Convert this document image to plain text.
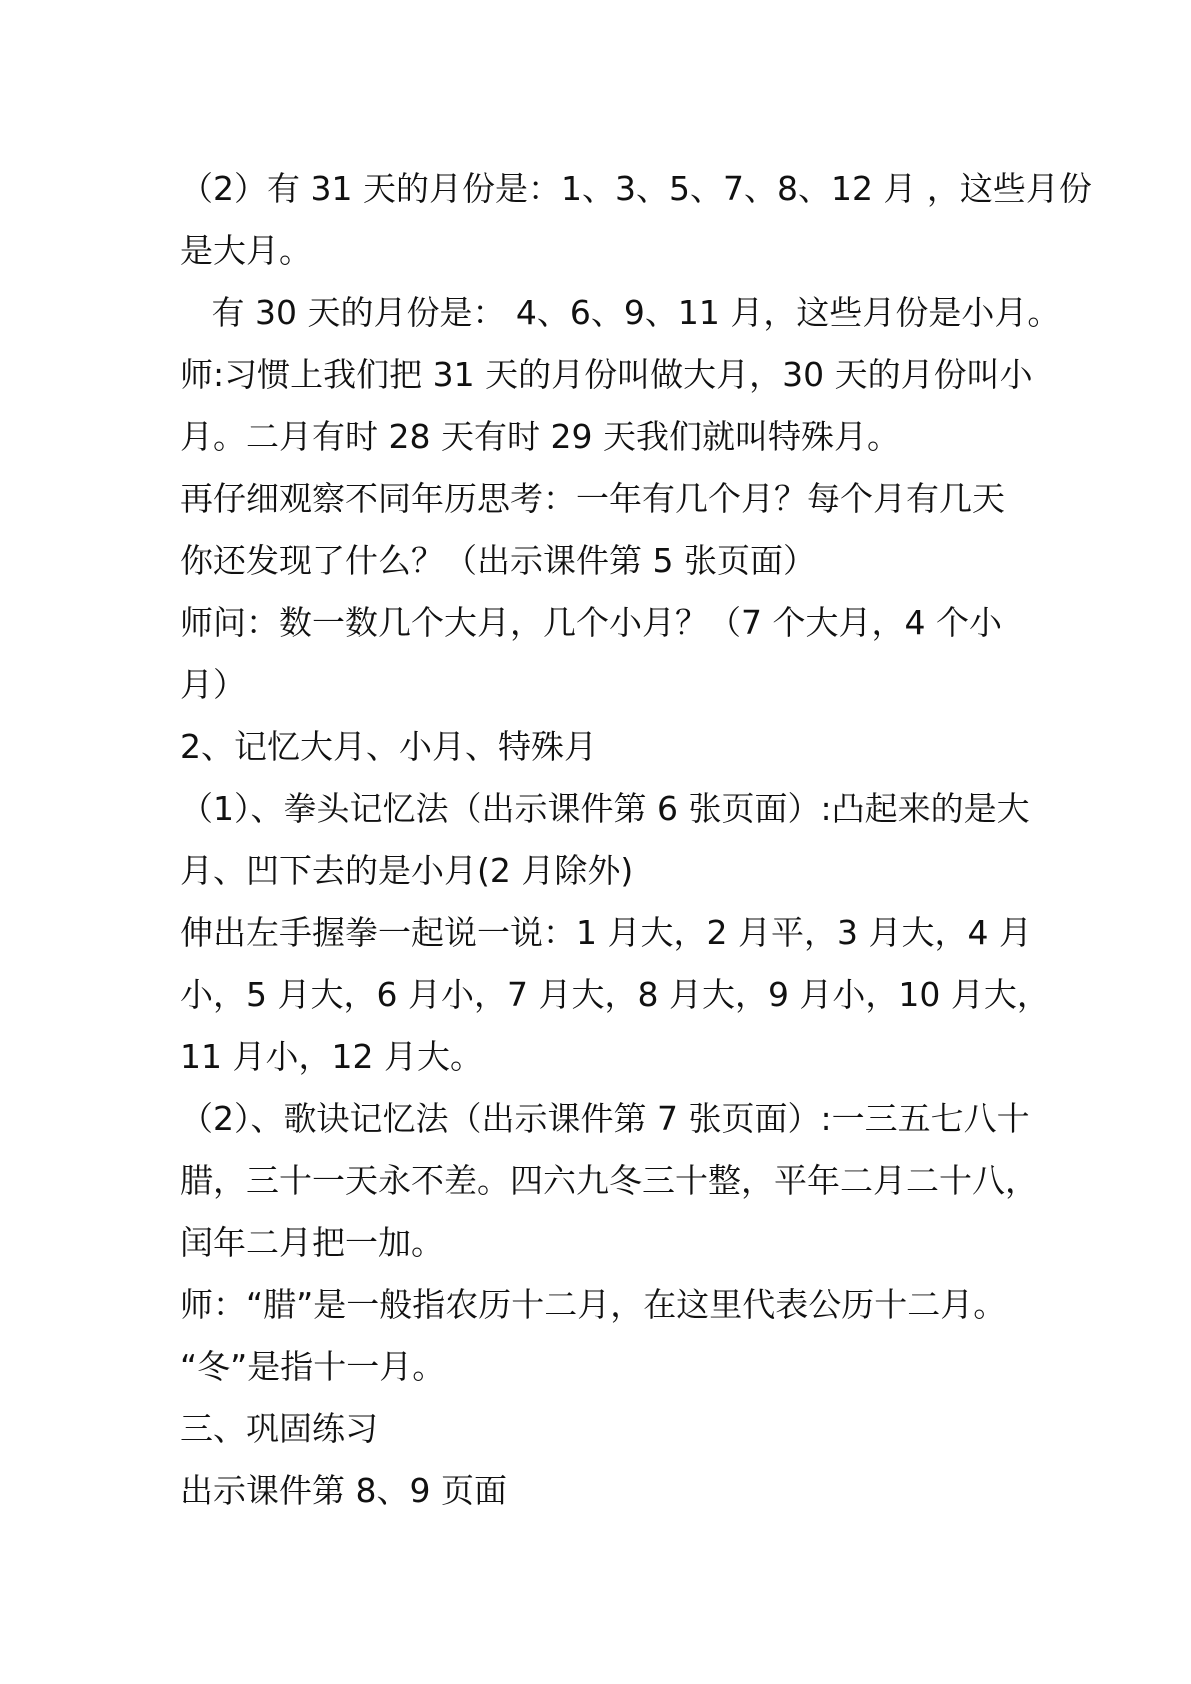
（2）有 31 天的月份是：1、3、5、7、8、12 月 ，这些月份
是大月。
有 30 天的月份是： 4、6、9、11 月，这些月份是小月。
师:习惯上我们把 31 天的月份叫做大月，30 天的月份叫小
月。二月有时 28 天有时 29 天我们就叫特殊月。
再仔细观察不同年历思考：一年有几个月？每个月有几天
你还发现了什么？（出示课件第 5 张页面）
师问：数一数几个大月，几个小月？（7 个大月，4 个小
月）
2、记忆大月、小月、特殊月
（1）、拳头记忆法（出示课件第 6 张页面）:凸起来的是大
月、凹下去的是小月(2 月除外)
伸出左手握拳一起说一说：1 月大，2 月平，3 月大，4 月
小，5 月大，6 月小，7 月大，8 月大，9 月小，10 月大，
11 月小，12 月大。
（2）、歌诀记忆法（出示课件第 7 张页面）:一三五七八十
腊，三十一天永不差。四六九冬三十整，平年二月二十八，
闰年二月把一加。
师：“腊”是一般指农历十二月，在这里代表公历十二月。
“冬”是指十一月。
三、巩固练习
出示课件第 8、9 页面
